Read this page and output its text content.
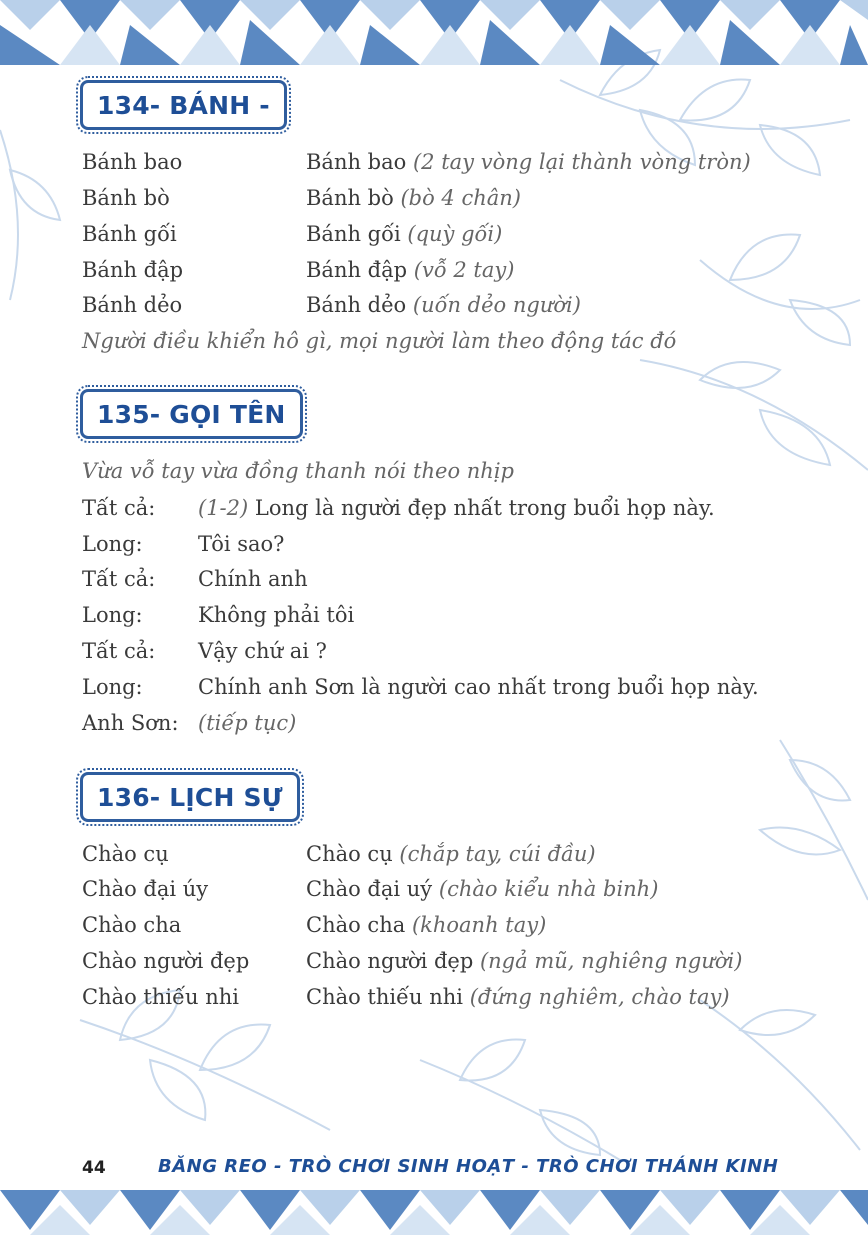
134- BÁNH -
Bánh bao	Bánh bao (2 tay vòng lại thành vòng tròn)
Bánh bò	Bánh bò (bò 4 chân)
Bánh gối	Bánh gối (quỳ gối)
Bánh đập	Bánh đập (vỗ 2 tay)
Bánh dẻo	Bánh dẻo (uốn dẻo người)
Người điều khiển hô gì, mọi người làm theo động tác đó
135- GỌI TÊN
Vừa vỗ tay vừa đồng thanh nói theo nhịp
Tất cả: (1-2) Long là người đẹp nhất trong buổi họp này.
Long:	Tôi sao?
Tất cả: Chính anh
Long:	Không phải tôi
Tất cả: Vậy chứ ai ?
Long:	Chính anh Sơn là người cao nhất trong buổi họp này.
Anh Sơn: (tiếp tục)
136- LỊCH SỰ
Chào cụ	Chào cụ (chắp tay, cúi đầu)
Chào đại úy	Chào đại uý (chào kiểu nhà binh)
Chào cha	Chào cha (khoanh tay)
Chào người đẹp	Chào người đẹp (ngả mũ, nghiêng người)
Chào thiếu nhi	Chào thiếu nhi (đứng nghiêm, chào tay)
44	BĂNG REO - TRÒ CHƠI SINH HOẠT - TRÒ CHƠI THÁNH KINH
